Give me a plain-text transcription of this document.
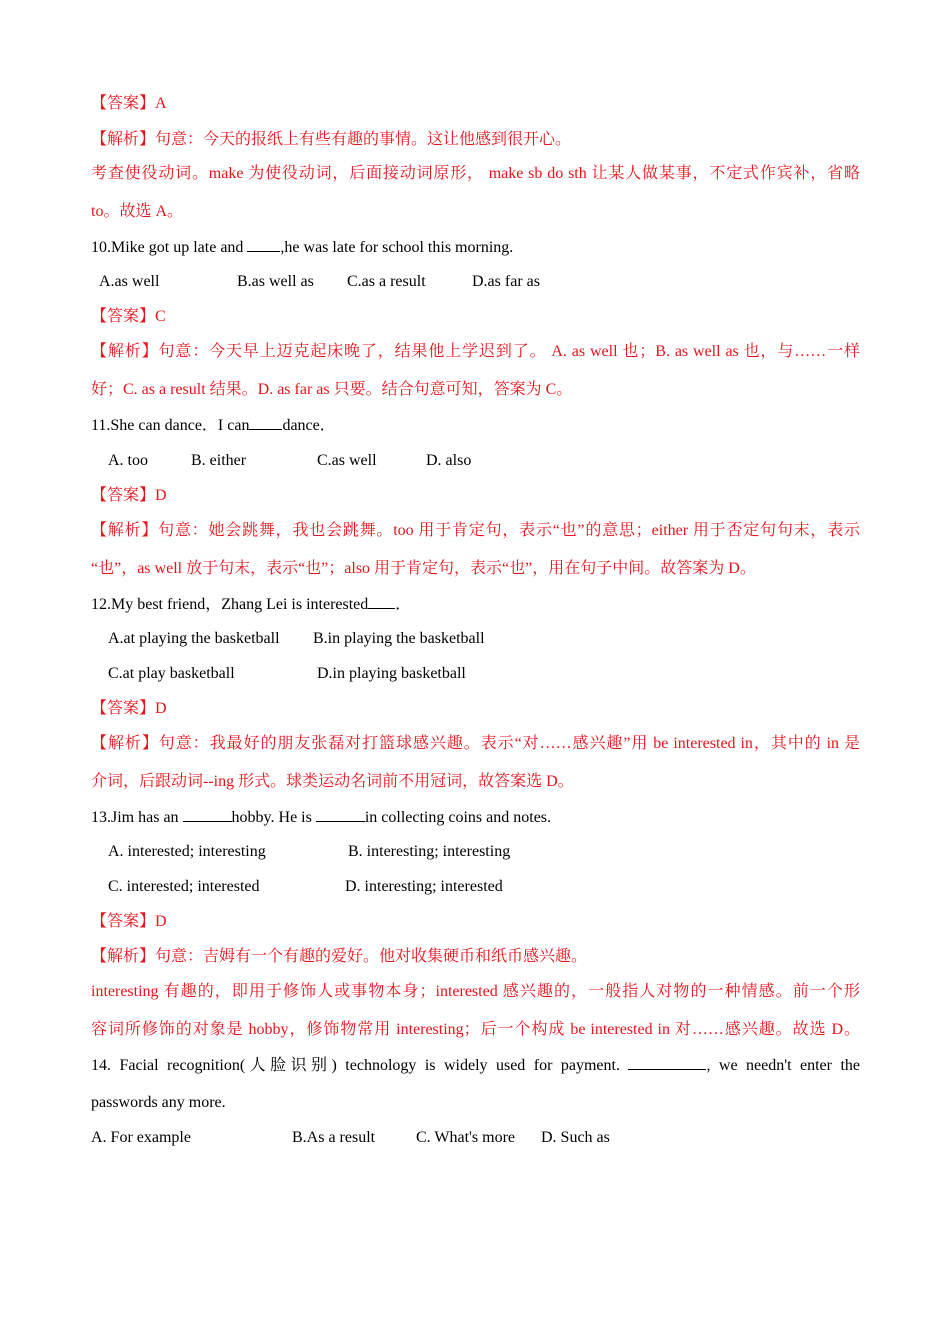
【答案】A
【解析】句意：今天的报纸上有些有趣的事情。这让他感到很开心。
考查使役动词。make 为使役动词，后面接动词原形， make sb do sth 让某人做某事，不定式作宾补，省略
to。故选 A。
10.Mike got up late and ,he was late for school this morning.
A.as well	B.as well as C.as a result	D.as far as
【答案】C
【解析】句意：今天早上迈克起床晚了，结果他上学迟到了。 A. as well 也；B. as well as 也，与……一样
好；C. as a result 结果。D. as far as 只要。结合句意可知，答案为 C。
11.She can dance．I can dance．
A. too	B. either	C.as well	D. also
【答案】D
【解析】句意：她会跳舞，我也会跳舞。too 用于肯定句，表示“也”的意思；either 用于否定句句末，表示
“也”，as well 放于句末，表示“也”；also 用于肯定句，表示“也”，用在句子中间。故答案为 D。
12.My best friend，Zhang Lei is interested ．
A.at playing the basketball B.in playing the basketball
C.at play basketball	D.in playing basketball
【答案】D
【解析】句意：我最好的朋友张磊对打篮球感兴趣。表示“对……感兴趣”用 be interested in，其中的 in 是
介词，后跟动词--ing 形式。球类运动名词前不用冠词，故答案选 D。
13.Jim has an	hobby. He is	in collecting coins and notes.
A. interested; interesting	B. interesting; interesting
C. interested; interested	D. interesting; interested
【答案】D
【解析】句意：吉姆有一个有趣的爱好。他对收集硬币和纸币感兴趣。
interesting 有趣的，即用于修饰人或事物本身；interested 感兴趣的，一般指人对物的一种情感。前一个形
容词所修饰的对象是 hobby，修饰物常用 interesting；后一个构成 be interested in 对……感兴趣。故选 D。
14. Facial recognition(人脸识别) technology is widely used for payment.	, we needn't enter the
passwords any more.
A. For example	B.As a result	C. What's more D. Such as
